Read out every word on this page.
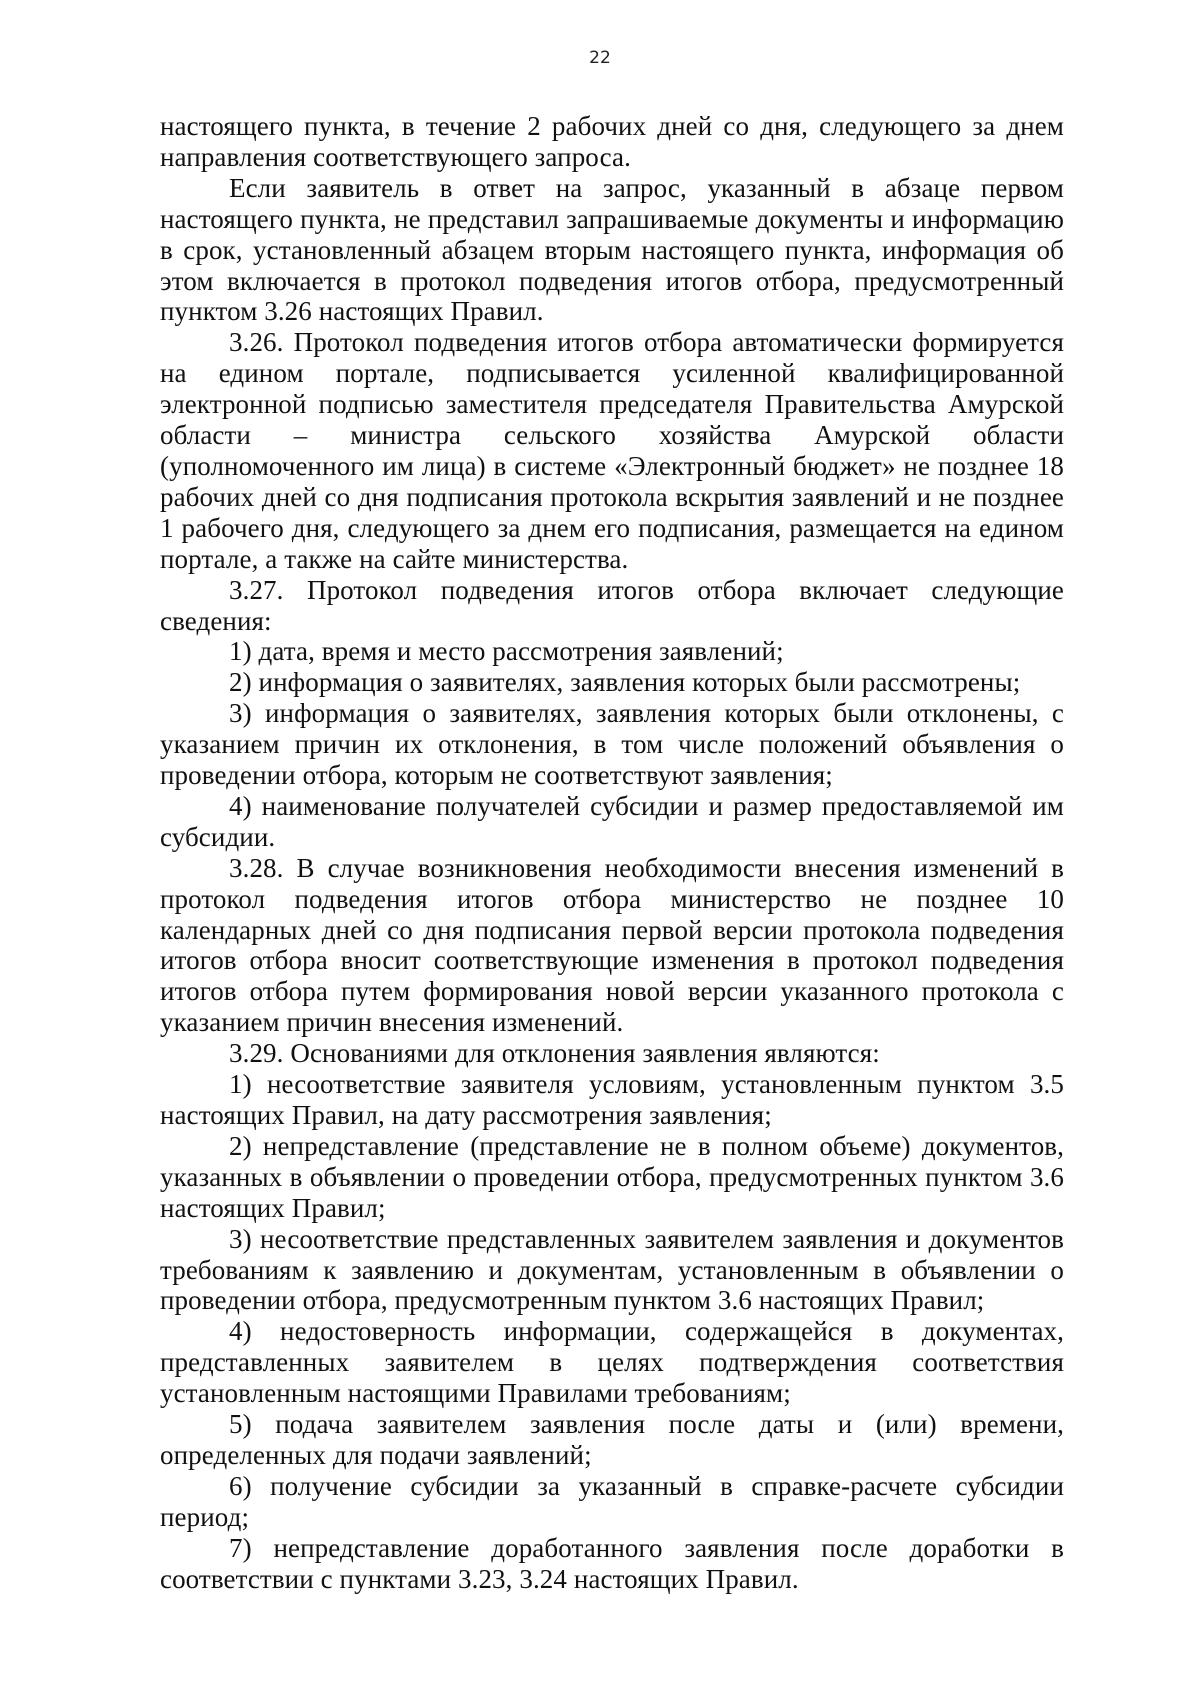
22

настоящего пункта, в течение 2 рабочих дней со дня, следующего за днем направления соответствующего запроса.

Если заявитель в ответ на запрос, указанный в абзаце первом настоящего пункта, не представил запрашиваемые документы и информацию в срок, установленный абзацем вторым настоящего пункта, информация об этом включается в протокол подведения итогов отбора, предусмотренный пунктом 3.26 настоящих Правил.

3.26. Протокол подведения итогов отбора автоматически формируется на едином портале, подписывается усиленной квалифицированной электронной подписью заместителя председателя Правительства Амурской области – министра сельского хозяйства Амурской области (уполномоченного им лица) в системе «Электронный бюджет» не позднее 18 рабочих дней со дня подписания протокола вскрытия заявлений и не позднее 1 рабочего дня, следующего за днем его подписания, размещается на едином портале, а также на сайте министерства.

3.27. Протокол подведения итогов отбора включает следующие сведения:

1) дата, время и место рассмотрения заявлений;

2) информация о заявителях, заявления которых были рассмотрены;

3) информация о заявителях, заявления которых были отклонены, с указанием причин их отклонения, в том числе положений объявления о проведении отбора, которым не соответствуют заявления;

4) наименование получателей субсидии и размер предоставляемой им субсидии.

3.28. В случае возникновения необходимости внесения изменений в протокол подведения итогов отбора министерство не позднее 10 календарных дней со дня подписания первой версии протокола подведения итогов отбора вносит соответствующие изменения в протокол подведения итогов отбора путем формирования новой версии указанного протокола с указанием причин внесения изменений.

3.29. Основаниями для отклонения заявления являются:

1) несоответствие заявителя условиям, установленным пунктом 3.5 настоящих Правил, на дату рассмотрения заявления;

2) непредставление (представление не в полном объеме) документов, указанных в объявлении о проведении отбора, предусмотренных пунктом 3.6 настоящих Правил;

3) несоответствие представленных заявителем заявления и документов требованиям к заявлению и документам, установленным в объявлении о проведении отбора, предусмотренным пунктом 3.6 настоящих Правил;

4) недостоверность информации, содержащейся в документах, представленных заявителем в целях подтверждения соответствия установленным настоящими Правилами требованиям;

5) подача заявителем заявления после даты и (или) времени, определенных для подачи заявлений;

6) получение субсидии за указанный в справке-расчете субсидии период;

7) непредставление доработанного заявления после доработки в соответствии с пунктами 3.23, 3.24 настоящих Правил.
